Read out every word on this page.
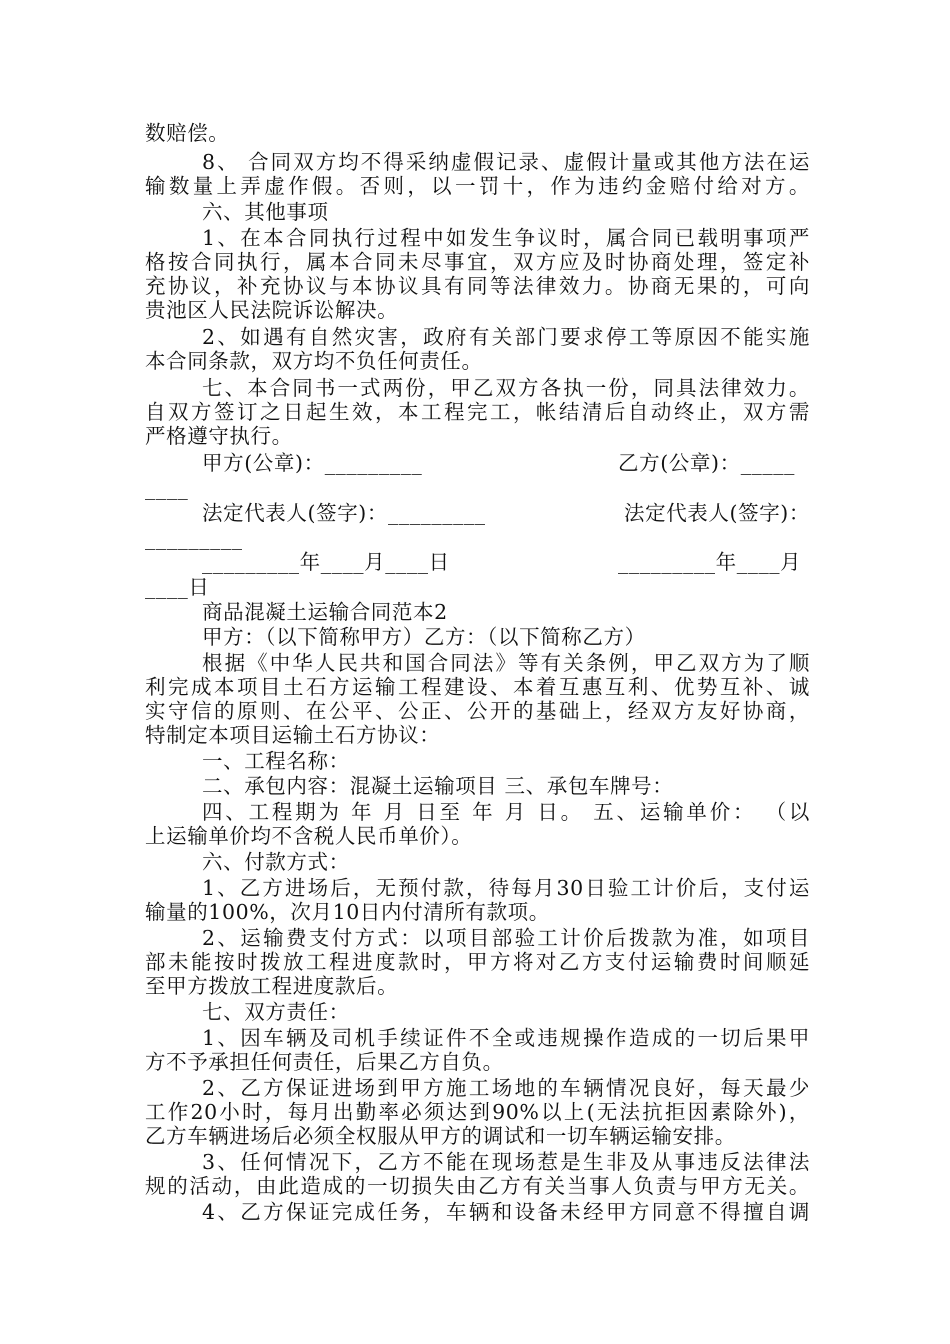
数赔偿。
8、 合同双方均不得采纳虚假记录、虚假计量或其他方法在运
输数量上弄虚作假。否则，以一罚十，作为违约金赔付给对方。
六、其他事项
1、在本合同执行过程中如发生争议时，属合同已载明事项严
格按合同执行，属本合同未尽事宜，双方应及时协商处理，签定补
充协议，补充协议与本协议具有同等法律效力。协商无果的，可向
贵池区人民法院诉讼解决。
2、如遇有自然灾害，政府有关部门要求停工等原因不能实施
本合同条款，双方均不负任何责任。
七、本合同书一式两份，甲乙双方各执一份，同具法律效力。
自双方签订之日起生效，本工程完工，帐结清后自动终止，双方需
严格遵守执行。
甲方(公章)：_________	乙方(公章)：_____
____
法定代表人(签字)：_________	法定代表人(签字)：
_________
_________年____月____日	_________年____月
____日
商品混凝土运输合同范本2
甲方：（以下简称甲方）乙方：（以下简称乙方）
根据《中华人民共和国合同法》等有关条例，甲乙双方为了顺
利完成本项目土石方运输工程建设、本着互惠互利、优势互补、诚
实守信的原则、在公平、公正、公开的基础上，经双方友好协商，
特制定本项目运输土石方协议：
一、工程名称：
二、承包内容：混凝土运输项目 三、承包车牌号：
四、工程期为 年 月 日至 年 月 日。 五、运输单价： （以
上运输单价均不含税人民币单价）。
六、付款方式：
1、乙方进场后，无预付款，待每月30日验工计价后，支付运
输量的100%，次月10日内付清所有款项。
2、运输费支付方式：以项目部验工计价后拨款为准，如项目
部未能按时拨放工程进度款时，甲方将对乙方支付运输费时间顺延
至甲方拨放工程进度款后。
七、双方责任：
1、因车辆及司机手续证件不全或违规操作造成的一切后果甲
方不予承担任何责任，后果乙方自负。
2、乙方保证进场到甲方施工场地的车辆情况良好，每天最少
工作20小时，每月出勤率必须达到90%以上(无法抗拒因素除外)，
乙方车辆进场后必须全权服从甲方的调试和一切车辆运输安排。
3、任何情况下，乙方不能在现场惹是生非及从事违反法律法
规的活动，由此造成的一切损失由乙方有关当事人负责与甲方无关。
4、乙方保证完成任务，车辆和设备未经甲方同意不得擅自调
